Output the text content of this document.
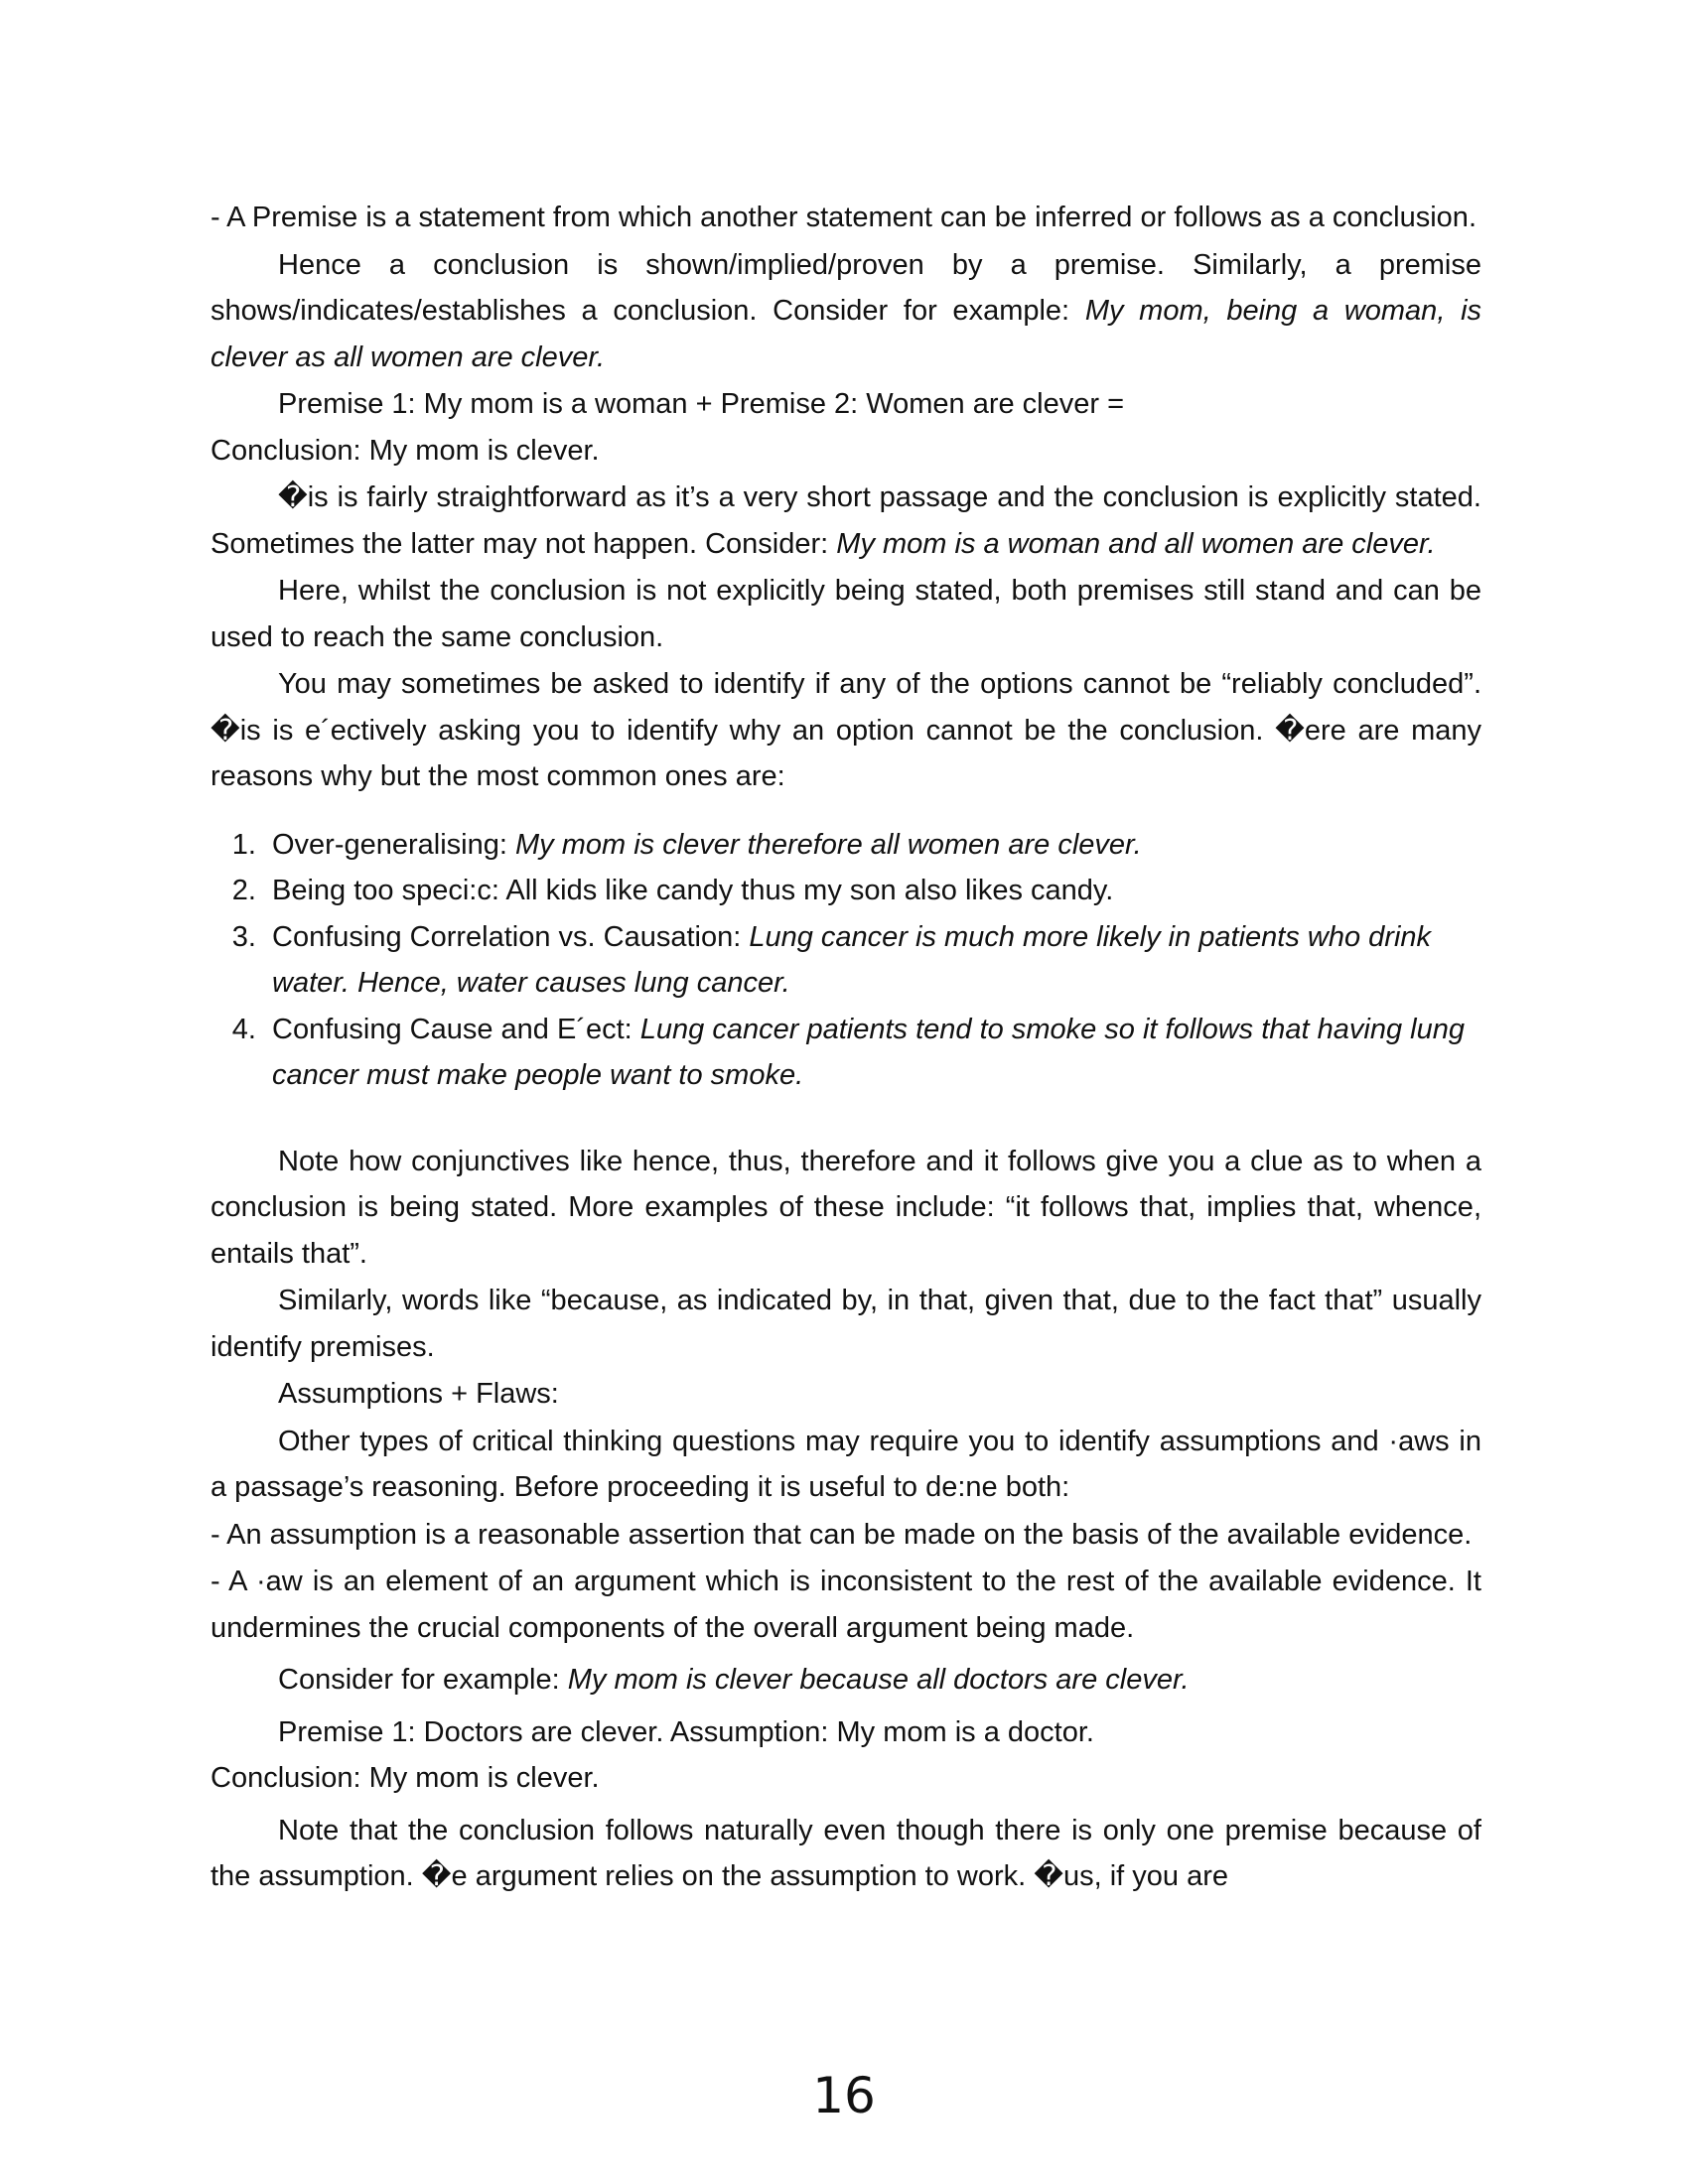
- A Premise is a statement from which another statement can be inferred or follows as a conclusion.

Hence a conclusion is shown/implied/proven by a premise. Similarly, a premise shows/indicates/establishes a conclusion. Consider for example: My mom, being a woman, is clever as all women are clever.

Premise 1: My mom is a woman + Premise 2: Women are clever =

Conclusion: My mom is clever.

�is is fairly straightforward as it’s a very short passage and the conclusion is explicitly stated. Sometimes the latter may not happen. Consider: My mom is a woman and all women are clever.

Here, whilst the conclusion is not explicitly being stated, both premises still stand and can be used to reach the same conclusion.

You may sometimes be asked to identify if any of the options cannot be “reliably concluded”. �is is e´ectively asking you to identify why an option cannot be the conclusion. �ere are many reasons why but the most common ones are:

1. Over-generalising: My mom is clever therefore all women are clever.
2. Being too speci:c: All kids like candy thus my son also likes candy.
3. Confusing Correlation vs. Causation: Lung cancer is much more likely in patients who drink water. Hence, water causes lung cancer.
4. Confusing Cause and E´ect: Lung cancer patients tend to smoke so it follows that having lung cancer must make people want to smoke.

Note how conjunctives like hence, thus, therefore and it follows give you a clue as to when a conclusion is being stated. More examples of these include: “it follows that, implies that, whence, entails that”.

Similarly, words like “because, as indicated by, in that, given that, due to the fact that” usually identify premises.

Assumptions + Flaws:

Other types of critical thinking questions may require you to identify assumptions and ·aws in a passage’s reasoning. Before proceeding it is useful to de:ne both:

- An assumption is a reasonable assertion that can be made on the basis of the available evidence.

- A ·aw is an element of an argument which is inconsistent to the rest of the available evidence. It undermines the crucial components of the overall argument being made.

Consider for example: My mom is clever because all doctors are clever.

Premise 1: Doctors are clever. Assumption: My mom is a doctor.

Conclusion: My mom is clever.

Note that the conclusion follows naturally even though there is only one premise because of the assumption. �e argument relies on the assumption to work. �us, if you are

16
